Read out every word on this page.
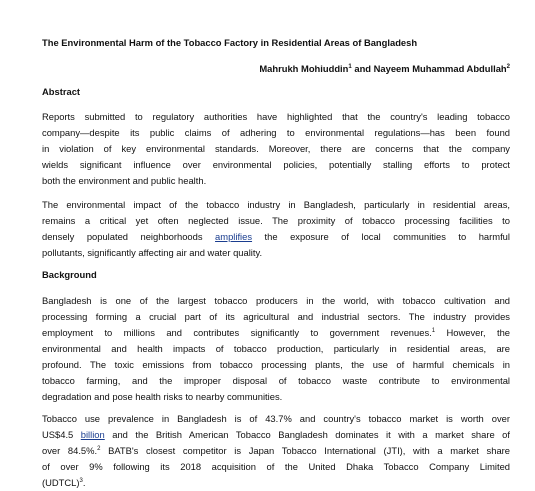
The Environmental Harm of the Tobacco Factory in Residential Areas of Bangladesh
Mahrukh Mohiuddin$^1$ and Nayeem Muhammad Abdullah$^2$
Abstract
Reports submitted to regulatory authorities have highlighted that the country's leading tobacco
company—despite its public claims of adhering to environmental regulations—has been found
in violation of key environmental standards. Moreover, there are concerns that the company
wields significant influence over environmental policies, potentially stalling efforts to protect
both the environment and public health.
The environmental impact of the tobacco industry in Bangladesh, particularly in residential areas,
remains a critical yet often neglected issue. The proximity of tobacco processing facilities to
densely populated neighborhoods amplifies the exposure of local communities to harmful
pollutants, significantly affecting air and water quality.
Background
Bangladesh is one of the largest tobacco producers in the world, with tobacco cultivation and
processing forming a crucial part of its agricultural and industrial sectors. The industry provides
employment to millions and contributes significantly to government revenues.$^1$ However, the
environmental and health impacts of tobacco production, particularly in residential areas, are
profound. The toxic emissions from tobacco processing plants, the use of harmful chemicals in
tobacco farming, and the improper disposal of tobacco waste contribute to environmental
degradation and pose health risks to nearby communities.
Tobacco use prevalence in Bangladesh is of 43.7% and country's tobacco market is worth over
US$4.5 billion and the British American Tobacco Bangladesh dominates it with a market share of
over 84.5%.$^2$ BATB's closest competitor is Japan Tobacco International (JTI), with a market share
of over 9% following its 2018 acquisition of the United Dhaka Tobacco Company Limited
(UDTCL)$^3$.
